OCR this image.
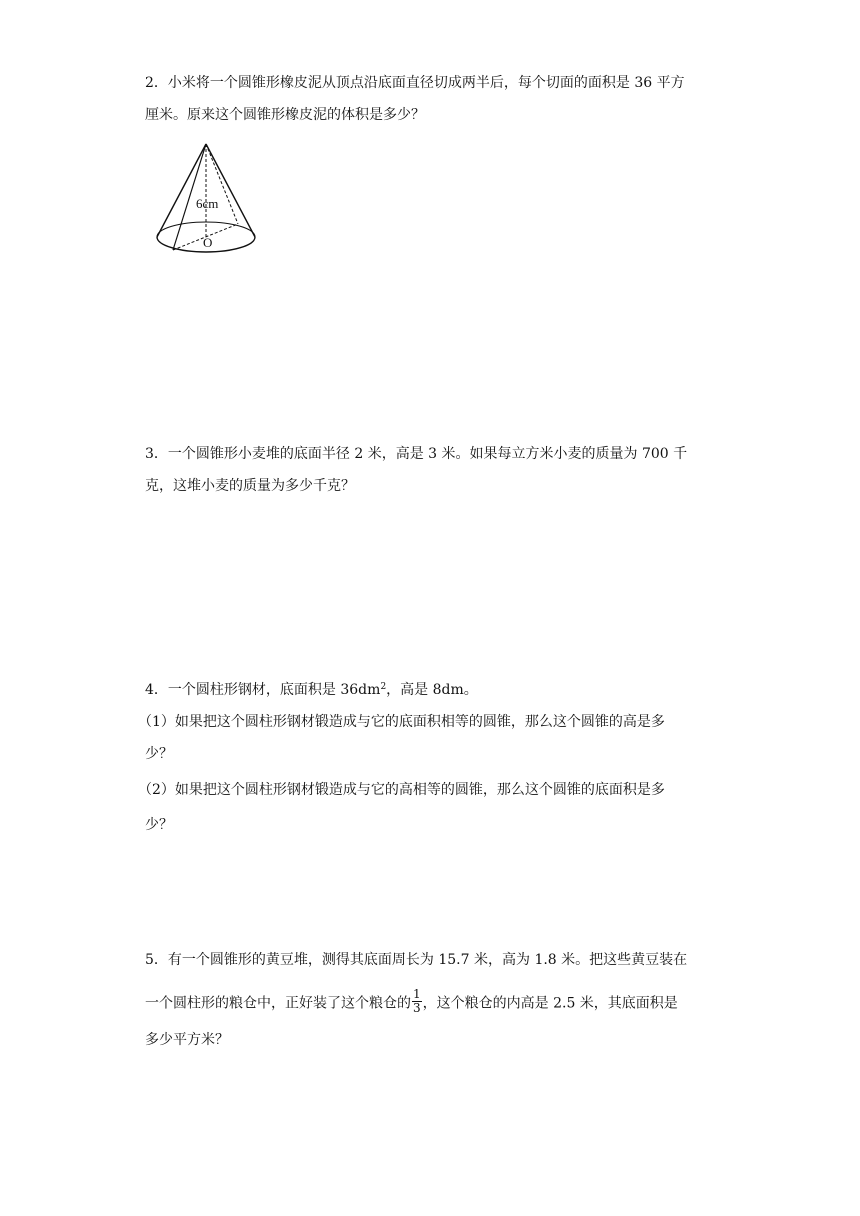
2．小米将一个圆锥形橡皮泥从顶点沿底面直径切成两半后，每个切面的面积是 36 平方
厘米。原来这个圆锥形橡皮泥的体积是多少？
6cm
O
3．一个圆锥形小麦堆的底面半径 2 米，高是 3 米。如果每立方米小麦的质量为 700 千
克，这堆小麦的质量为多少千克？
4．一个圆柱形钢材，底面积是 $36dm^2$，高是 8dm。
（1）如果把这个圆柱形钢材锻造成与它的底面积相等的圆锥，那么这个圆锥的高是多
少？
（2）如果把这个圆柱形钢材锻造成与它的高相等的圆锥，那么这个圆锥的底面积是多
少？
5．有一个圆锥形的黄豆堆，测得其底面周长为 15.7 米，高为 1.8 米。把这些黄豆装在
一个圆柱形的粮仓中，正好装了这个粮仓的 $\frac{1}{3}$ ，这个粮仓的内高是 2.5 米，其底面积是
多少平方米？
